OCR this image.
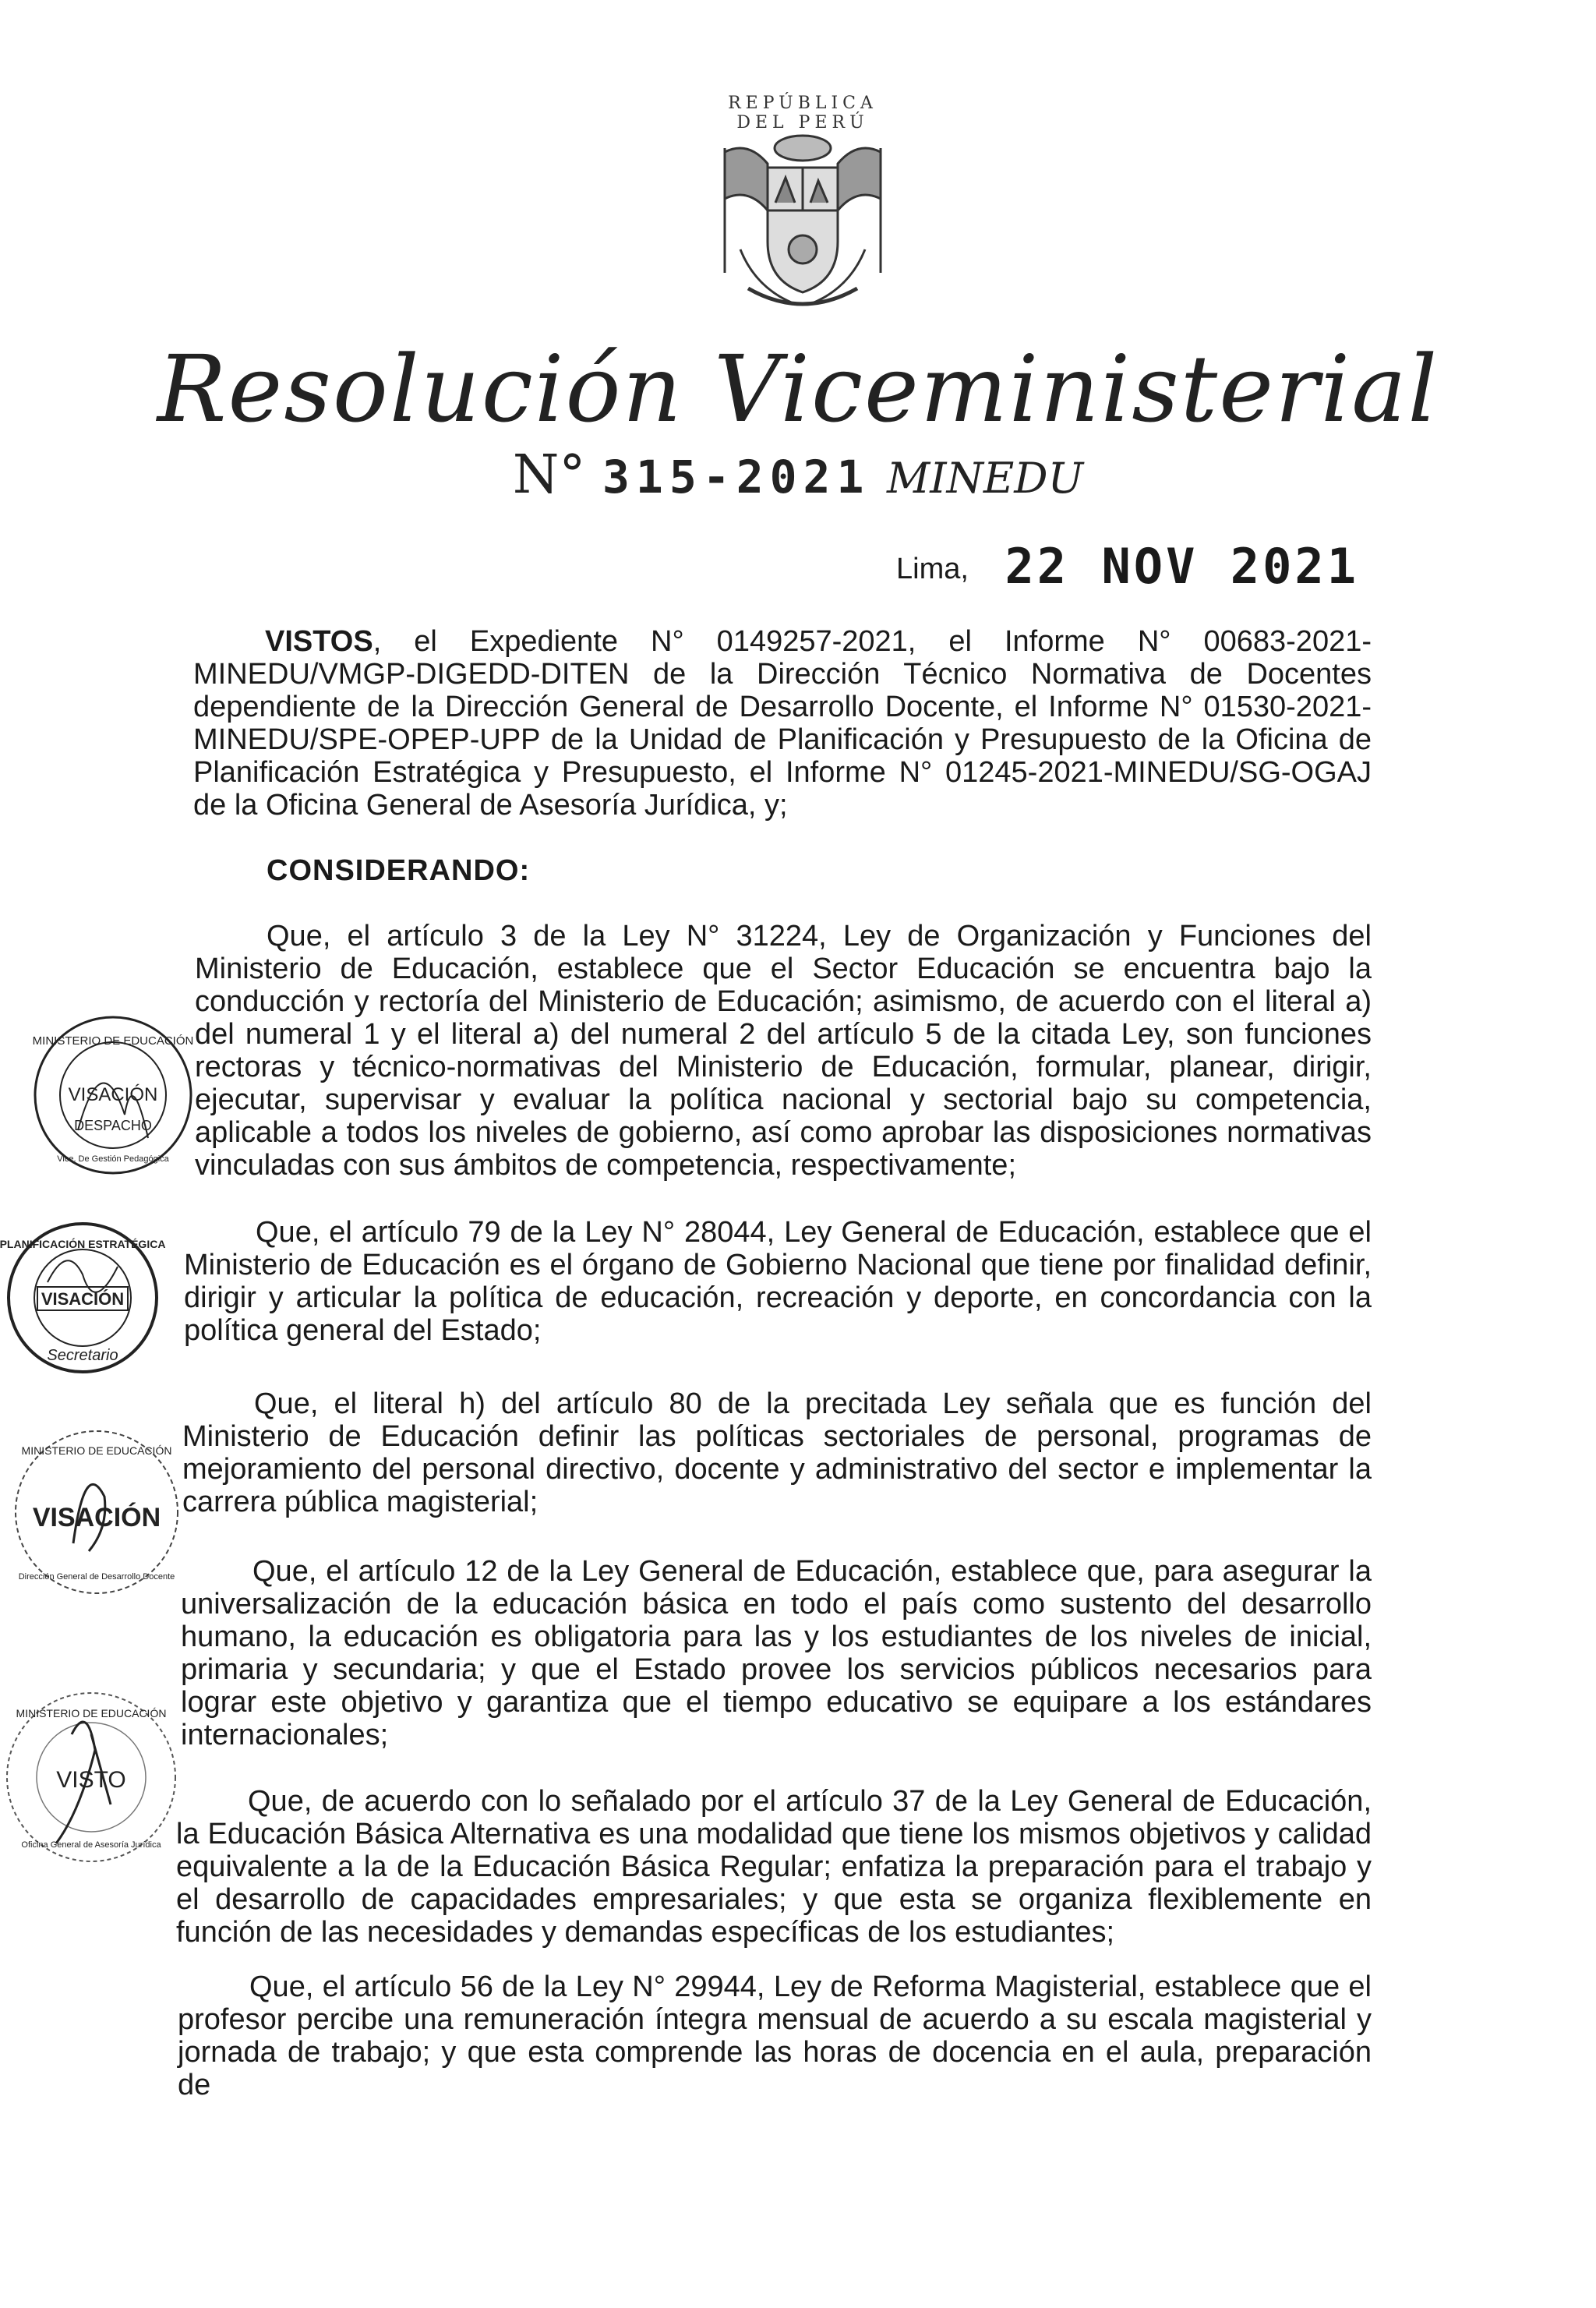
REPÚBLICA DEL PERÚ
Resolución Viceministerial
N° 315-2021 MINEDU
Lima, 22 NOV 2021
VISTOS, el Expediente N° 0149257-2021, el Informe N° 00683-2021-MINEDU/VMGP-DIGEDD-DITEN de la Dirección Técnico Normativa de Docentes dependiente de la Dirección General de Desarrollo Docente, el Informe N° 01530-2021-MINEDU/SPE-OPEP-UPP de la Unidad de Planificación y Presupuesto de la Oficina de Planificación Estratégica y Presupuesto, el Informe N° 01245-2021-MINEDU/SG-OGAJ de la Oficina General de Asesoría Jurídica, y;
CONSIDERANDO:
Que, el artículo 3 de la Ley N° 31224, Ley de Organización y Funciones del Ministerio de Educación, establece que el Sector Educación se encuentra bajo la conducción y rectoría del Ministerio de Educación; asimismo, de acuerdo con el literal a) del numeral 1 y el literal a) del numeral 2 del artículo 5 de la citada Ley, son funciones rectoras y técnico-normativas del Ministerio de Educación, formular, planear, dirigir, ejecutar, supervisar y evaluar la política nacional y sectorial bajo su competencia, aplicable a todos los niveles de gobierno, así como aprobar las disposiciones normativas vinculadas con sus ámbitos de competencia, respectivamente;
Que, el artículo 79 de la Ley N° 28044, Ley General de Educación, establece que el Ministerio de Educación es el órgano de Gobierno Nacional que tiene por finalidad definir, dirigir y articular la política de educación, recreación y deporte, en concordancia con la política general del Estado;
Que, el literal h) del artículo 80 de la precitada Ley señala que es función del Ministerio de Educación definir las políticas sectoriales de personal, programas de mejoramiento del personal directivo, docente y administrativo del sector e implementar la carrera pública magisterial;
Que, el artículo 12 de la Ley General de Educación, establece que, para asegurar la universalización de la educación básica en todo el país como sustento del desarrollo humano, la educación es obligatoria para las y los estudiantes de los niveles de inicial, primaria y secundaria; y que el Estado provee los servicios públicos necesarios para lograr este objetivo y garantiza que el tiempo educativo se equipare a los estándares internacionales;
Que, de acuerdo con lo señalado por el artículo 37 de la Ley General de Educación, la Educación Básica Alternativa es una modalidad que tiene los mismos objetivos y calidad equivalente a la de la Educación Básica Regular; enfatiza la preparación para el trabajo y el desarrollo de capacidades empresariales; y que esta se organiza flexiblemente en función de las necesidades y demandas específicas de los estudiantes;
Que, el artículo 56 de la Ley N° 29944, Ley de Reforma Magisterial, establece que el profesor percibe una remuneración íntegra mensual de acuerdo a su escala magisterial y jornada de trabajo; y que esta comprende las horas de docencia en el aula, preparación de
MINISTERIO DE EDUCACIÓN
VISACIÓN
DESPACHO
Vice. De Gestión Pedagógica
PLANIFICACIÓN ESTRATÉGICA
VISACIÓN
Secretario
MINISTERIO DE EDUCACIÓN
VISACIÓN
Dirección General de Desarrollo Docente
MINISTERIO DE EDUCACIÓN
VISTO
Oficina General de Asesoría Jurídica
